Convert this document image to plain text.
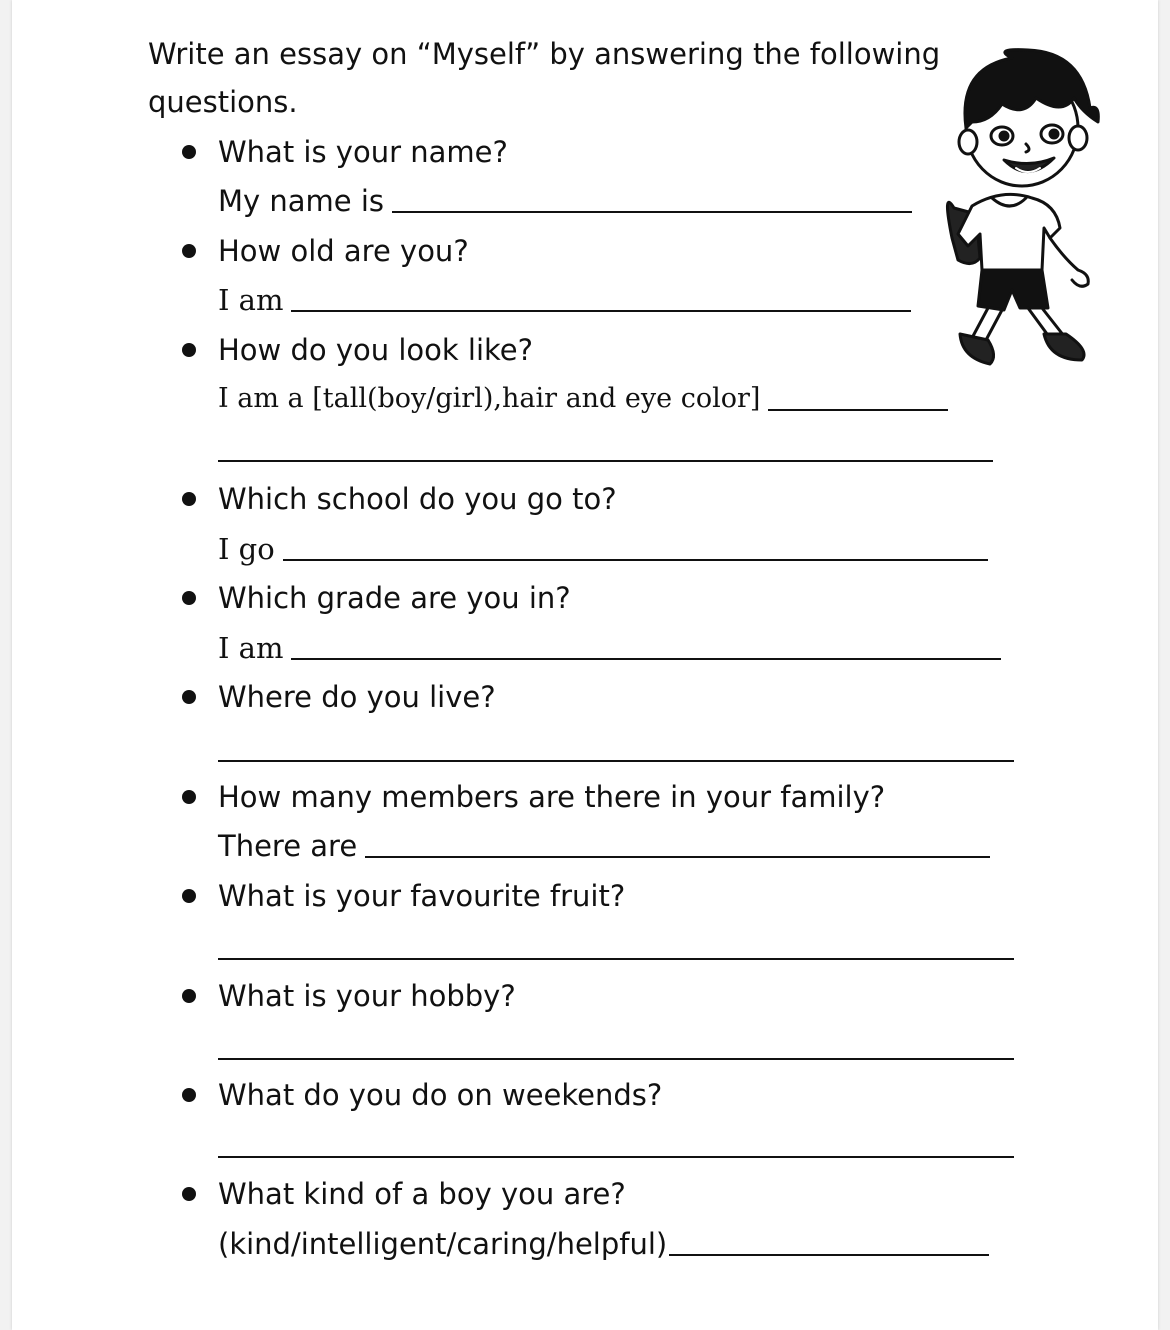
Write an essay on “Myself” by answering the following questions.
What is your name?
My name is
How old are you?
I am
How do you look like?
I am a [tall(boy/girl),hair and eye color]
Which school do you go to?
I go
Which grade are you in?
I am
Where do you live?
How many members are there in your family?
There are
What is your favourite fruit?
What is your hobby?
What do you do on weekends?
What kind of a boy you are?
(kind/intelligent/caring/helpful)
